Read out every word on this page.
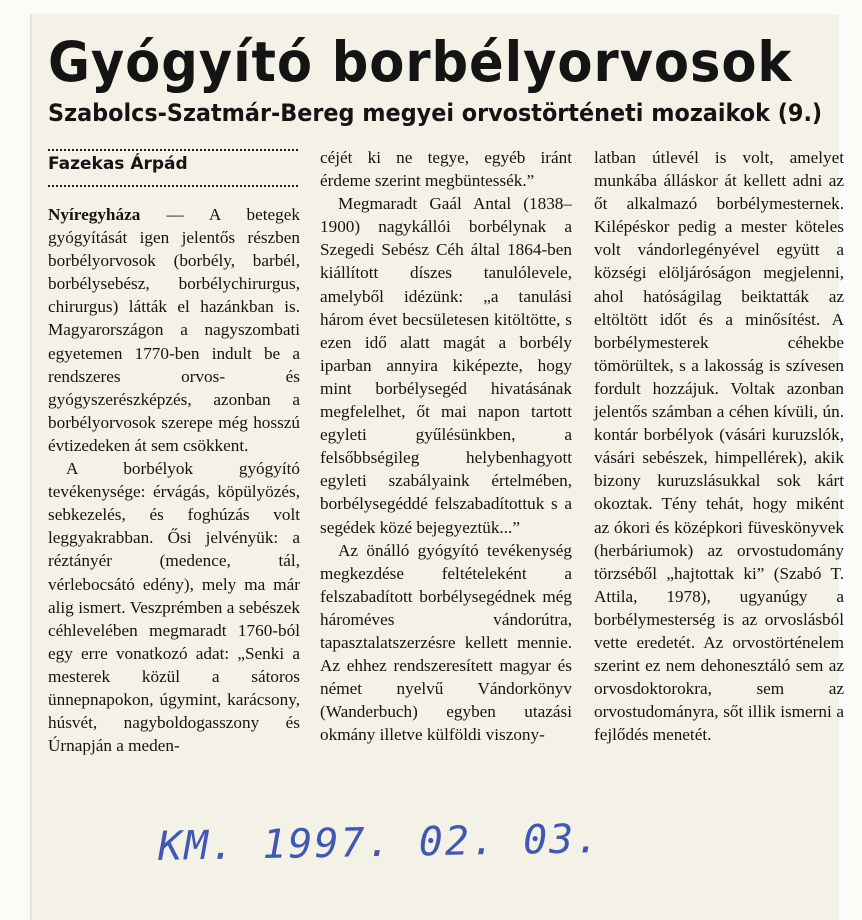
Gyógyító borbélyorvosok
Szabolcs-Szatmár-Bereg megyei orvostörténeti mozaikok (9.)
Fazekas Árpád

Nyíregyháza — A betegek gyógyítását igen jelentős részben borbélyorvosok (borbély, barbél, borbélysebész, borbélychirurgus, chirurgus) látták el hazánkban is. Magyarországon a nagyszombati egyetemen 1770-ben indult be a rendszeres orvos- és gyógyszerészképzés, azonban a borbélyorvosok szerepe még hosszú évtizedeken át sem csökkent.

A borbélyok gyógyító tevékenysége: érvágás, köpülyözés, sebkezelés, és foghúzás volt leggyakrabban. Ősi jelvényük: a réztányér (medence, tál, vérlebocsátó edény), mely ma már alig ismert. Veszprémben a sebészek céhlevelében megmaradt 1760-ból egy erre vonatkozó adat: „Senki a mesterek közül a sátoros ünnepnapokon, úgymint, karácsony, húsvét, nagyboldogasszony és Úrnapján a meden-

céjét ki ne tegye, egyéb iránt érdeme szerint megbüntessék.”

Megmaradt Gaál Antal (1838–1900) nagykállói borbélynak a Szegedi Sebész Céh által 1864-ben kiállított díszes tanulólevele, amelyből idézünk: „a tanulási három évet becsületesen kitöltötte, s ezen idő alatt magát a borbély iparban annyira kiképezte, hogy mint borbélysegéd hivatásának megfelelhet, őt mai napon tartott egyleti gyűlésünkben, a felsőbbségileg helybenhagyott egyleti szabályaink értelmében, borbélysegéddé felszabadítottuk s a segédek közé bejegyeztük...”

Az önálló gyógyító tevékenység megkezdése feltételeként a felszabadított borbélysegédnek még hároméves vándorútra, tapasztalatszerzésre kellett mennie. Az ehhez rendszeresített magyar és német nyelvű Vándorkönyv (Wanderbuch) egyben utazási okmány illetve külföldi viszony-

latban útlevél is volt, amelyet munkába álláskor át kellett adni az őt alkalmazó borbélymesternek. Kilépéskor pedig a mester köteles volt vándorlegényével együtt a községi elöljáróságon megjelenni, ahol hatóságilag beiktatták az eltöltött időt és a minősítést. A borbélymesterek céhekbe tömörültek, s a lakosság is szívesen fordult hozzájuk. Voltak azonban jelentős számban a céhen kívüli, ún. kontár borbélyok (vásári kuruzslók, vásári sebészek, himpellérek), akik bizony kuruzslásukkal sok kárt okoztak. Tény tehát, hogy miként az ókori és középkori füveskönyvek (herbáriumok) az orvostudomány törzséből „hajtottak ki” (Szabó T. Attila, 1978), ugyanúgy a borbélymesterség is az orvoslásból vette eredetét. Az orvostörténelem szerint ez nem dehonesztáló sem az orvosdoktorokra, sem az orvostudományra, sőt illik ismerni a fejlődés menetét.

KM. 1997. 02. 03.
